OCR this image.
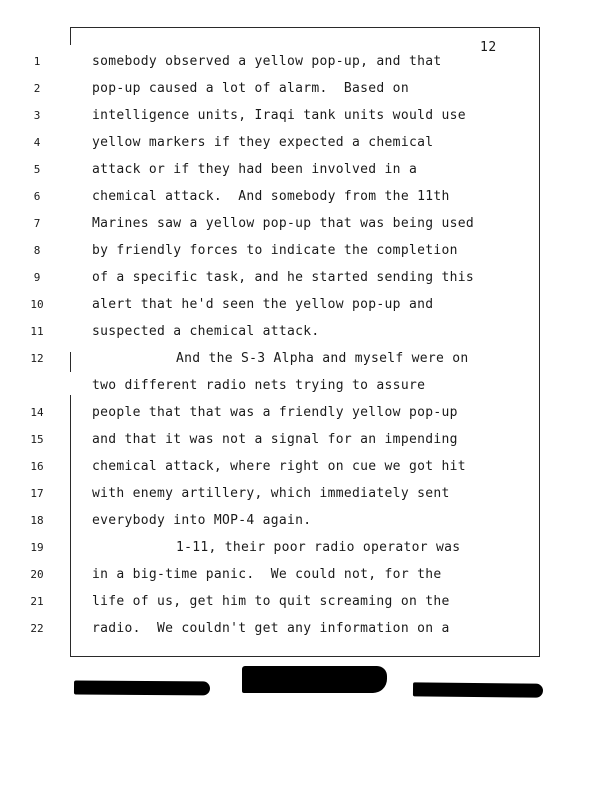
12
1
2
3
4
5
6
7
8
9
10
11
12
14
15
16
17
18
19
20
21
22
somebody observed a yellow pop-up, and that
pop-up caused a lot of alarm.  Based on
intelligence units, Iraqi tank units would use
yellow markers if they expected a chemical
attack or if they had been involved in a
chemical attack.  And somebody from the 11th
Marines saw a yellow pop-up that was being used
by friendly forces to indicate the completion
of a specific task, and he started sending this
alert that he'd seen the yellow pop-up and
suspected a chemical attack.
And the S-3 Alpha and myself were on
two different radio nets trying to assure
people that that was a friendly yellow pop-up
and that it was not a signal for an impending
chemical attack, where right on cue we got hit
with enemy artillery, which immediately sent
everybody into MOP-4 again.
1-11, their poor radio operator was
in a big-time panic.  We could not, for the
life of us, get him to quit screaming on the
radio.  We couldn't get any information on a
